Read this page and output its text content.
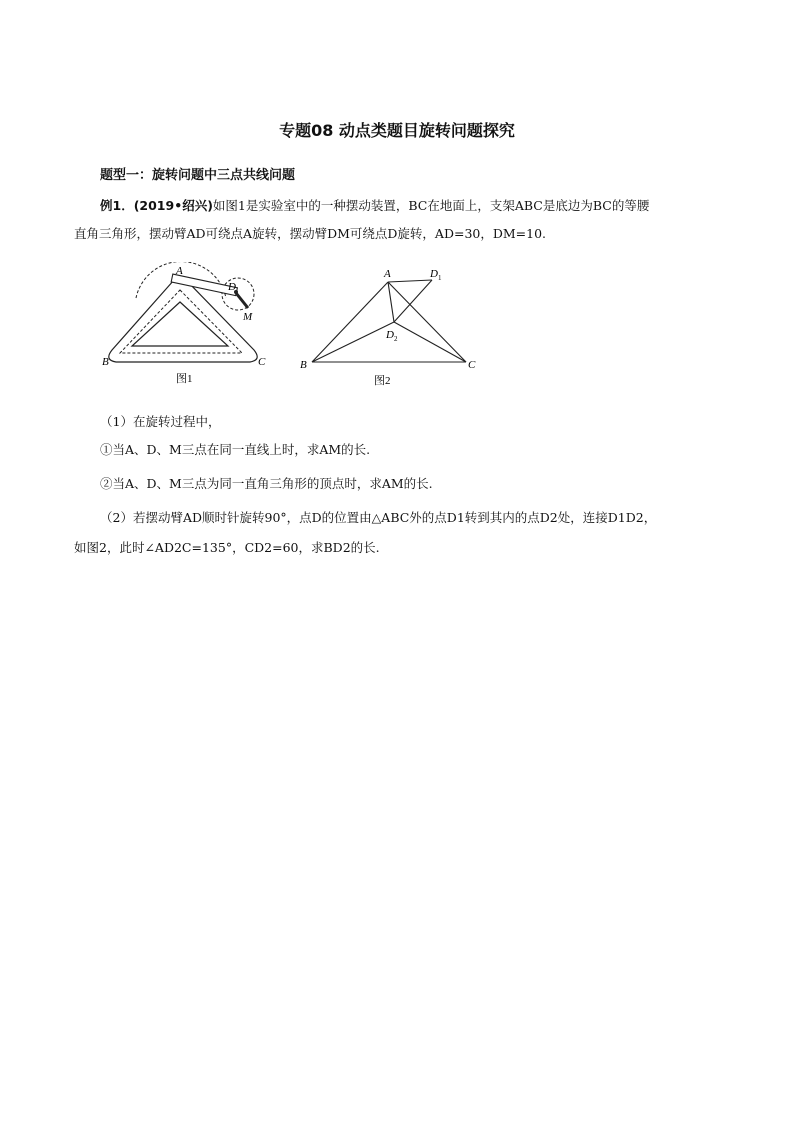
专题08 动点类题目旋转问题探究
题型一：旋转问题中三点共线问题
例1．(2019•绍兴)如图1是实验室中的一种摆动装置，BC在地面上，支架ABC是底边为BC的等腰
直角三角形，摆动臂AD可绕点A旋转，摆动臂DM可绕点D旋转，AD=30，DM=10.
A
D
M
B	C
图1
A	$D_1$
$D_2$
B	C
图2
（1）在旋转过程中，
①当A、D、M三点在同一直线上时，求AM的长.
②当A、D、M三点为同一直角三角形的顶点时，求AM的长.
（2）若摆动臂AD顺时针旋转90°，点D的位置由△ABC外的点D1转到其内的点D2处，连接D1D2，
如图2，此时∠AD2C=135°，CD2=60，求BD2的长.
